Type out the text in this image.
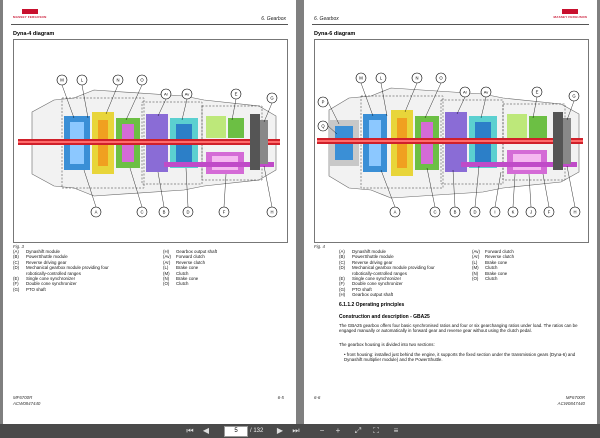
MASSEY FERGUSON	6. Gearbox
Dyna-4 diagram
M	L	N	O
Ar	Av	E
G
A	C	B	D	F	H
Fig. 3
(A) Dynashift module
(B) PowerShuttle module
(C) Reverse driving gear
(D) Mechanical gearbox module providing four
robotically-controlled ranges
(E) Single cone synchronizer
(F) Double cone synchronizer
(G) PTO shaft
(H) Gearbox output shaft
(Av) Forward clutch
(Ar) Reverse clutch
(L) Brake cone
(M) Clutch
(N) Brake cone
(O) Clutch
MF6700R
ACW0847440
6-5
6. Gearbox	MASSEY FERGUSON
Dyna-6 diagram
M	L	N	O
Ar	Av	E
G
P
Q
A	C	B	D	I	K	J	F	H
Fig. 4
(A) Dynashift module
(B) PowerShuttle module
(C) Reverse driving gear
(D) Mechanical gearbox module providing four
robotically-controlled ranges
(E) Single cone synchronizer
(F) Double cone synchronizer
(G) PTO shaft
(H) Gearbox output shaft
(Av) Forward clutch
(Ar) Reverse clutch
(L) Brake cone
(M) Clutch
(N) Brake cone
(O) Clutch
6.1.1.2 Operating principles
Construction and description - GBA25
The GBA25 gearbox offers four basic synchronised ratios and four or six gearchanging ratios under load. The ratios can be engaged manually or automatically in forward gear and reverse gear without using the clutch pedal.
The gearbox housing is divided into two sections:
• front housing: installed just behind the engine, it supports the fixed section under the transmission gears (Dyna-6) and Dynashift multiplier module) and the PowerShuttle.
6-6	MF6700R
ACW0847440
⏮	◀	5	/ 132	▶	⏭	−	+	⤢	⛶	≡
